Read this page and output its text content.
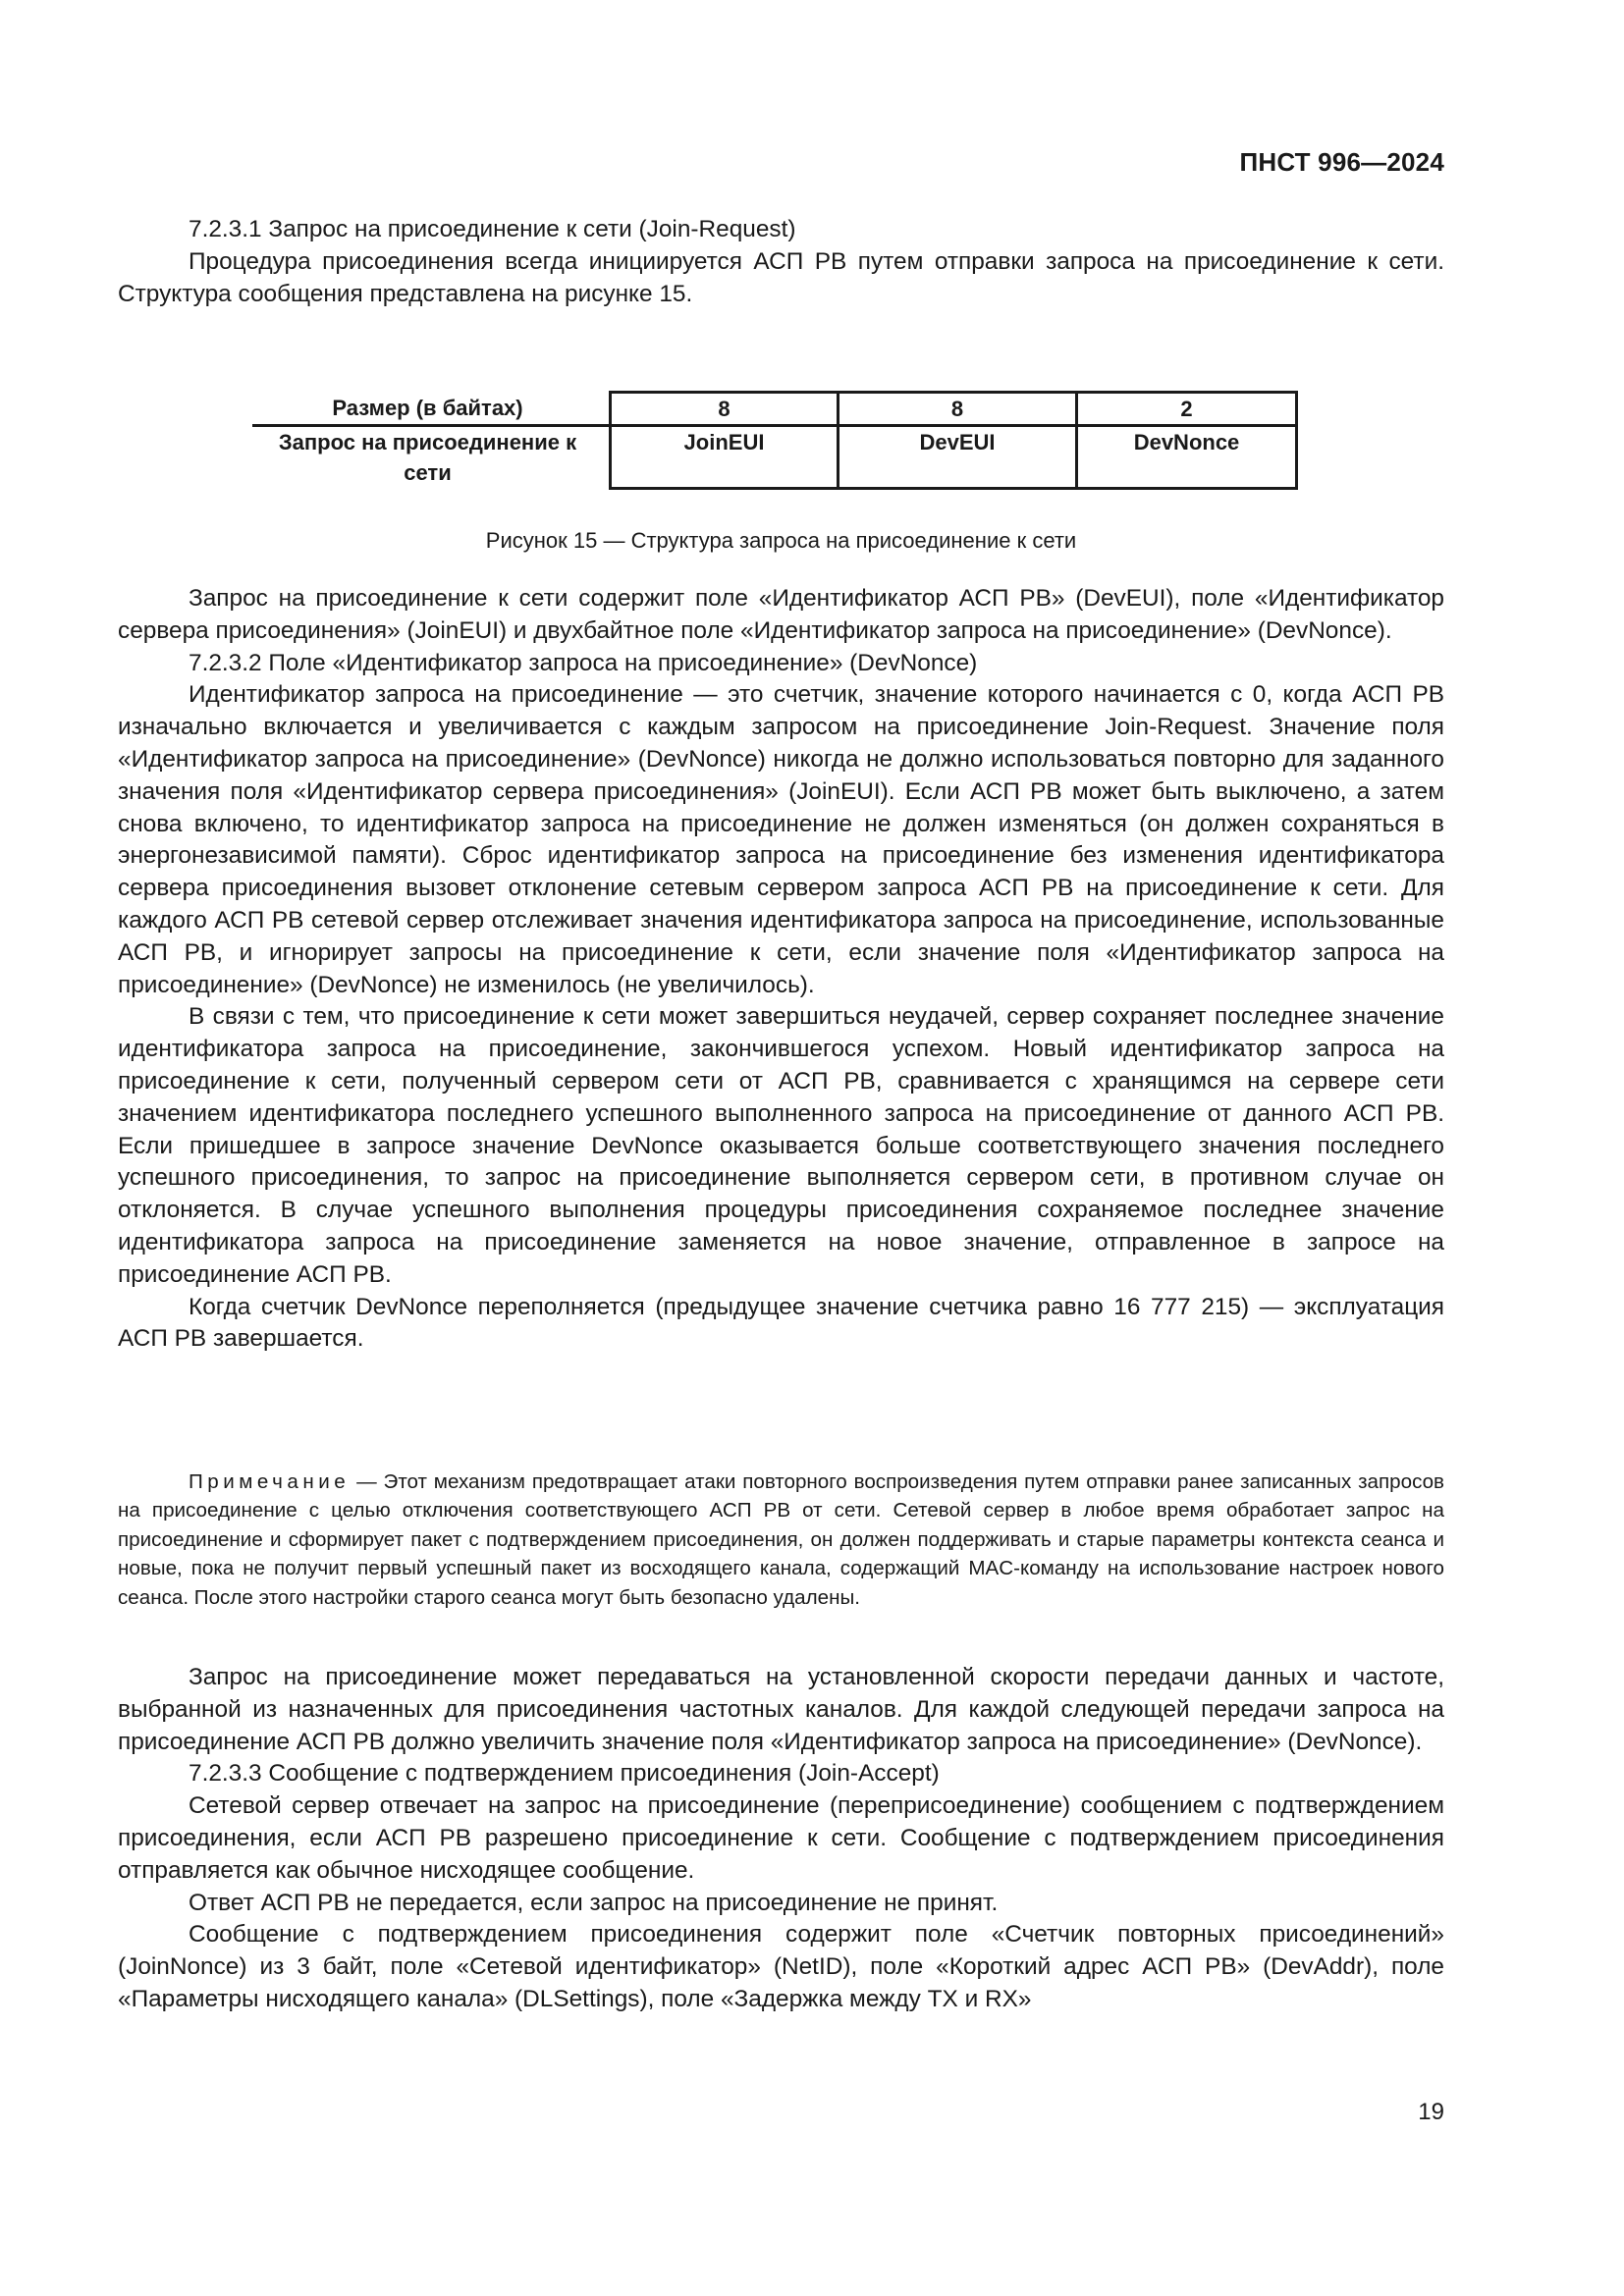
ПНСТ 996—2024

7.2.3.1 Запрос на присоединение к сети (Join-Request)

Процедура присоединения всегда инициируется АСП РВ путем отправки запроса на присоединение к сети. Структура сообщения представлена на рисунке 15.

Размер (в байтах)	8	8	2
Запрос на присоединение к сети	JoinEUI	DevEUI	DevNonce
Рисунок 15 — Структура запроса на присоединение к сети

Запрос на присоединение к сети содержит поле «Идентификатор АСП РВ» (DevEUI), поле «Идентификатор сервера присоединения» (JoinEUI) и двухбайтное поле «Идентификатор запроса на присоединение» (DevNonce).

7.2.3.2 Поле «Идентификатор запроса на присоединение» (DevNonce)

Идентификатор запроса на присоединение — это счетчик, значение которого начинается с 0, когда АСП РВ изначально включается и увеличивается с каждым запросом на присоединение Join-Request. Значение поля «Идентификатор запроса на присоединение» (DevNonce) никогда не должно использоваться повторно для заданного значения поля «Идентификатор сервера присоединения» (JoinEUI). Если АСП РВ может быть выключено, а затем снова включено, то идентификатор запроса на присоединение не должен изменяться (он должен сохраняться в энергонезависимой памяти). Сброс идентификатор запроса на присоединение без изменения идентификатора сервера присоединения вызовет отклонение сетевым сервером запроса АСП РВ на присоединение к сети. Для каждого АСП РВ сетевой сервер отслеживает значения идентификатора запроса на присоединение, использованные АСП РВ, и игнорирует запросы на присоединение к сети, если значение поля «Идентификатор запроса на присоединение» (DevNonce) не изменилось (не увеличилось).

В связи с тем, что присоединение к сети может завершиться неудачей, сервер сохраняет последнее значение идентификатора запроса на присоединение, закончившегося успехом. Новый идентификатор запроса на присоединение к сети, полученный сервером сети от АСП РВ, сравнивается с хранящимся на сервере сети значением идентификатора последнего успешного выполненного запроса на присоединение от данного АСП РВ. Если пришедшее в запросе значение DevNonce оказывается больше соответствующего значения последнего успешного присоединения, то запрос на присоединение выполняется сервером сети, в противном случае он отклоняется. В случае успешного выполнения процедуры присоединения сохраняемое последнее значение идентификатора запроса на присоединение заменяется на новое значение, отправленное в запросе на присоединение АСП РВ.

Когда счетчик DevNonce переполняется (предыдущее значение счетчика равно 16 777 215) — эксплуатация АСП РВ завершается.

Примечание — Этот механизм предотвращает атаки повторного воспроизведения путем отправки ранее записанных запросов на присоединение с целью отключения соответствующего АСП РВ от сети. Сетевой сервер в любое время обработает запрос на присоединение и сформирует пакет с подтверждением присоединения, он должен поддерживать и старые параметры контекста сеанса и новые, пока не получит первый успешный пакет из восходящего канала, содержащий MAC-команду на использование настроек нового сеанса. После этого настройки старого сеанса могут быть безопасно удалены.

Запрос на присоединение может передаваться на установленной скорости передачи данных и частоте, выбранной из назначенных для присоединения частотных каналов. Для каждой следующей передачи запроса на присоединение АСП РВ должно увеличить значение поля «Идентификатор запроса на присоединение» (DevNonce).

7.2.3.3 Сообщение с подтверждением присоединения (Join-Accept)

Сетевой сервер отвечает на запрос на присоединение (переприсоединение) сообщением с подтверждением присоединения, если АСП РВ разрешено присоединение к сети. Сообщение с подтверждением присоединения отправляется как обычное нисходящее сообщение.

Ответ АСП РВ не передается, если запрос на присоединение не принят.

Сообщение с подтверждением присоединения содержит поле «Счетчик повторных присоединений» (JoinNonce) из 3 байт, поле «Сетевой идентификатор» (NetID), поле «Короткий адрес АСП РВ» (DevAddr), поле «Параметры нисходящего канала» (DLSettings), поле «Задержка между TX и RX»

19
